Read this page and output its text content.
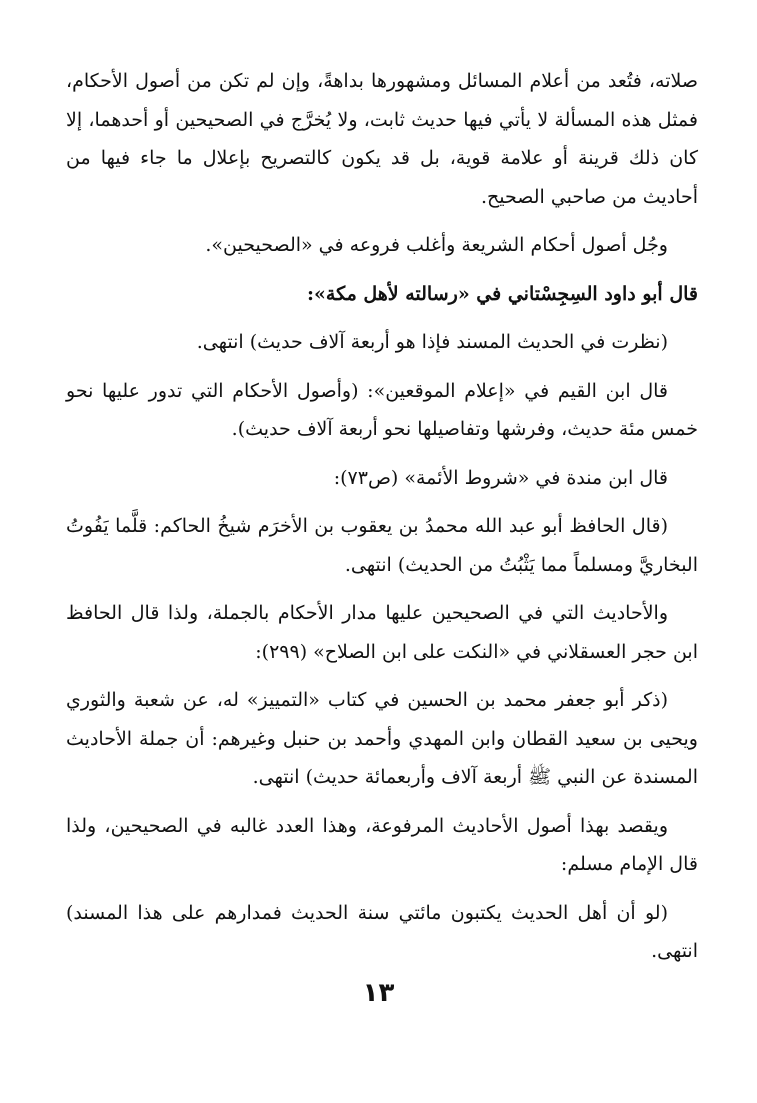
صلاته، فتُعد من أعلام المسائل ومشهورها بداهةً، وإن لم تكن من أصول الأحكام، فمثل هذه المسألة لا يأتي فيها حديث ثابت، ولا يُخرَّج في الصحيحين أو أحدهما، إلا كان ذلك قرينة أو علامة قوية، بل قد يكون كالتصريح بإعلال ما جاء فيها من أحاديث من صاحبي الصحيح.

وجُل أصول أحكام الشريعة وأغلب فروعه في «الصحيحين».

قال أبو داود السِجِسْتاني في «رسالته لأهل مكة»:

(نظرت في الحديث المسند فإذا هو أربعة آلاف حديث) انتهى.

قال ابن القيم في «إعلام الموقعين»: (وأصول الأحكام التي تدور عليها نحو خمس مئة حديث، وفرشها وتفاصيلها نحو أربعة آلاف حديث).

قال ابن مندة في «شروط الأئمة» (ص٧٣):

(قال الحافظ أبو عبد الله محمدُ بن يعقوب بن الأخرَم شيخُ الحاكم: قلَّما يَفُوتُ البخاريَّ ومسلماً مما يَثْبُتُ من الحديث) انتهى.

والأحاديث التي في الصحيحين عليها مدار الأحكام بالجملة، ولذا قال الحافظ ابن حجر العسقلاني في «النكت على ابن الصلاح» (٢٩٩):

(ذكر أبو جعفر محمد بن الحسين في كتاب «التمييز» له، عن شعبة والثوري ويحيى بن سعيد القطان وابن المهدي وأحمد بن حنبل وغيرهم: أن جملة الأحاديث المسندة عن النبي ﷺ أربعة آلاف وأربعمائة حديث) انتهى.

ويقصد بهذا أصول الأحاديث المرفوعة، وهذا العدد غالبه في الصحيحين، ولذا قال الإمام مسلم:

(لو أن أهل الحديث يكتبون مائتي سنة الحديث فمدارهم على هذا المسند) انتهى.

١٣
